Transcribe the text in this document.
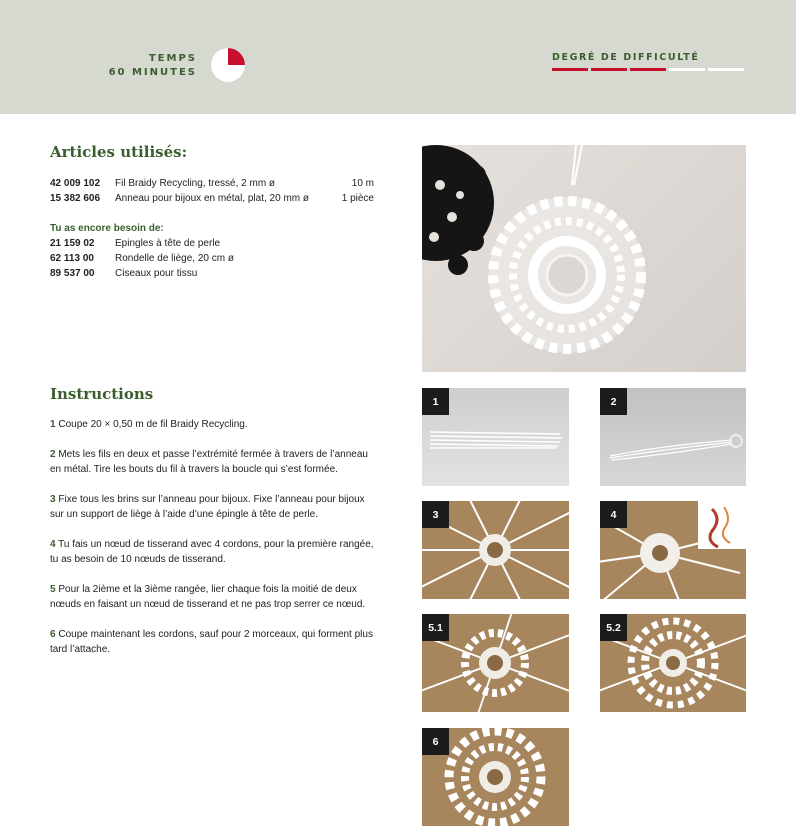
TEMPS
60 MINUTES
DEGRÉ DE DIFFICULTÉ
Articles utilisés:
42 009 102	Fil Braidy Recycling, tressé, 2 mm ø	10 m
15 382 606	Anneau pour bijoux en métal, plat, 20 mm ø	1 pièce
Tu as encore besoin de:
21 159 02	Epingles à tête de perle
62 113 00	Rondelle de liège, 20 cm ø
89 537 00	Ciseaux pour tissu
Instructions

1 Coupe 20 × 0,50 m de fil Braidy Recycling.

2 Mets les fils en deux et passe l’extrémité fermée à travers de l’anneau en métal. Tire les bouts du fil à travers la boucle qui s’est formée.

3 Fixe tous les brins sur l’anneau pour bijoux. Fixe l’anneau pour bijoux sur un support de liège à l’aide d’une épingle à tête de perle.

4 Tu fais un nœud de tisserand avec 4 cordons, pour la première rangée, tu as besoin de 10 nœuds de tisserand.

5 Pour la 2ième et la 3ième rangée, lier chaque fois la moitié de deux nœuds en faisant un nœud de tisserand et ne pas trop serrer ce nœud.

6 Coupe maintenant les cordons, sauf pour 2 morceaux, qui forment plus tard l’attache.

1	2
3	4
5.1	5.2
6
